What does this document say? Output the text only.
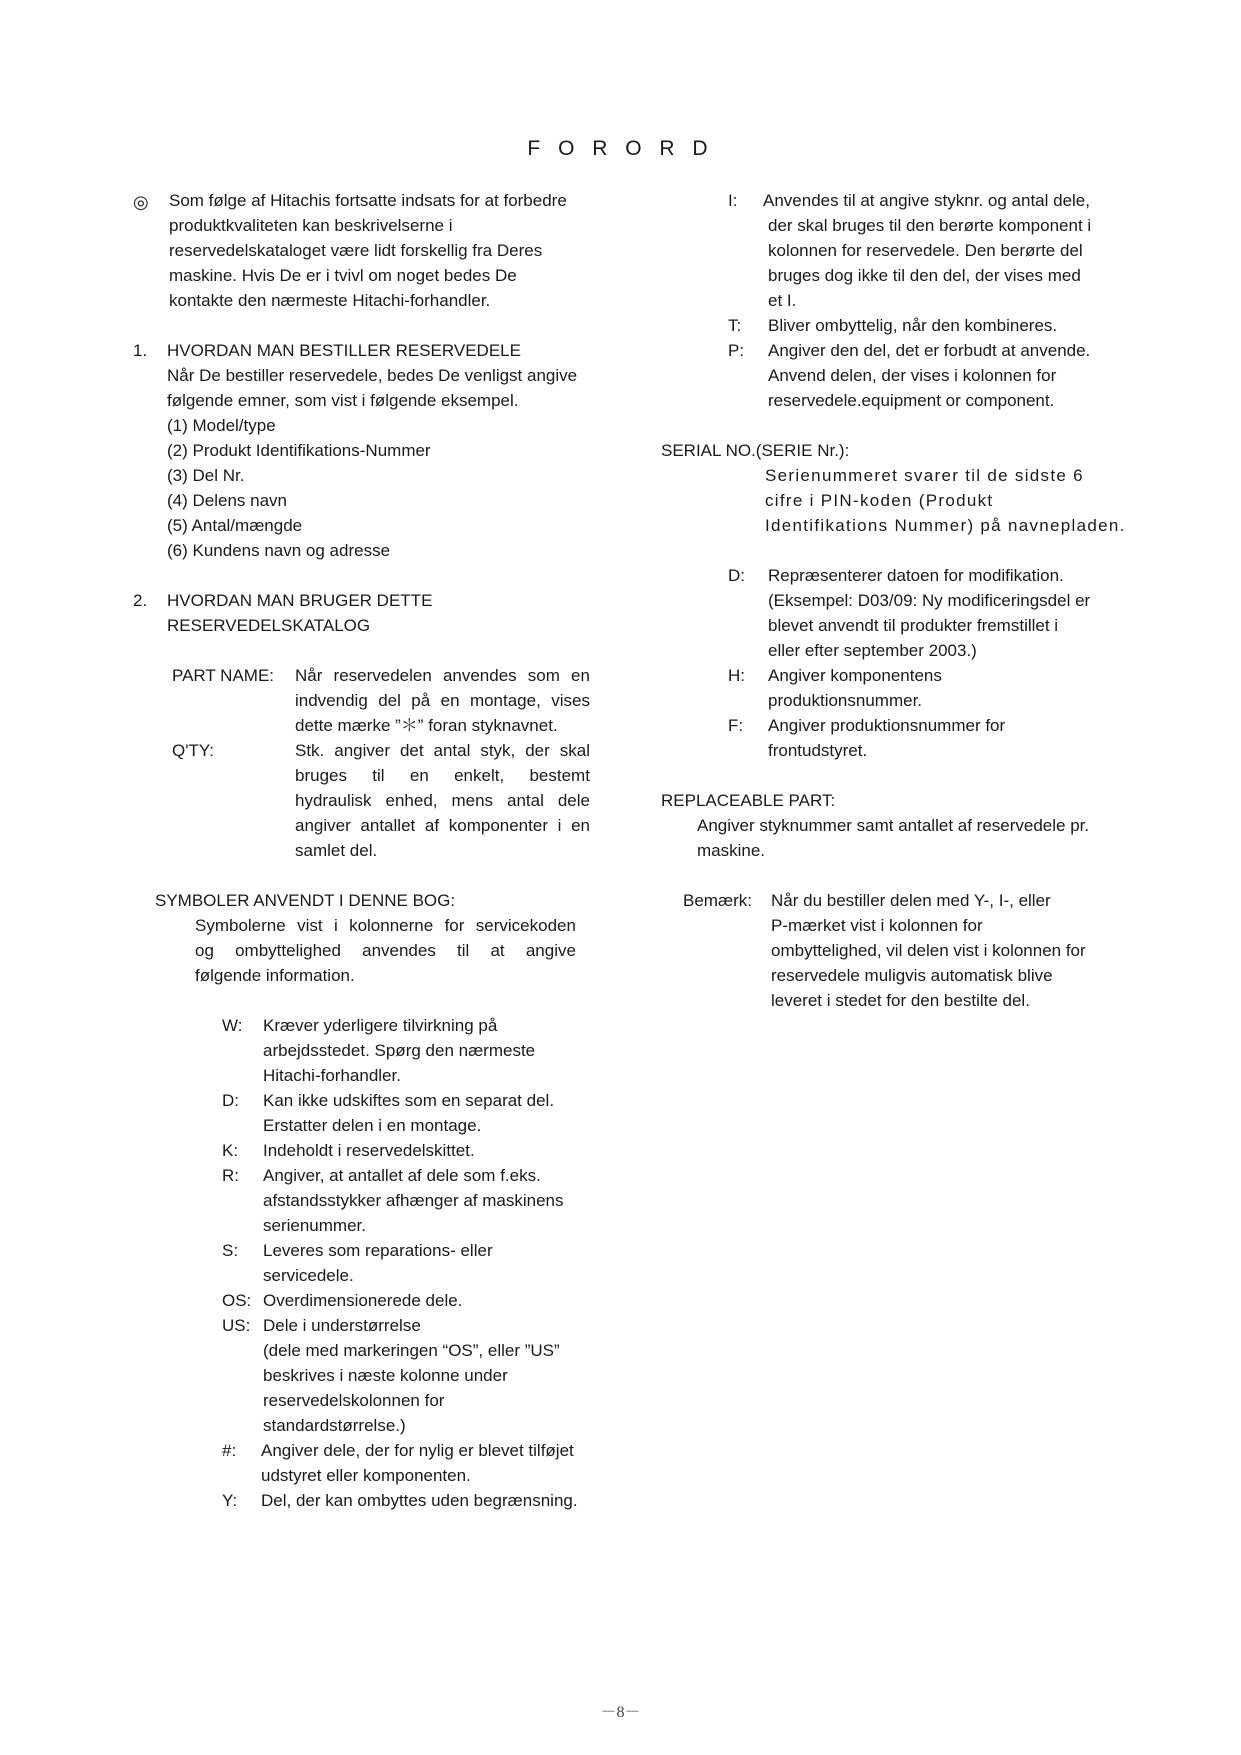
F O R O R D
◎ Som følge af Hitachis fortsatte indsats for at forbedre
produktkvaliteten kan beskrivelserne i
reservedelskataloget være lidt forskellig fra Deres
maskine. Hvis De er i tvivl om noget bedes De
kontakte den nærmeste Hitachi-forhandler.
1. HVORDAN MAN BESTILLER RESERVEDELE
Når De bestiller reservedele, bedes De venligst angive
følgende emner, som vist i følgende eksempel.
(1) Model/type
(2) Produkt Identifikations-Nummer
(3) Del Nr.
(4) Delens navn
(5) Antal/mængde
(6) Kundens navn og adresse
2. HVORDAN MAN BRUGER DETTE
RESERVEDELSKATALOG
PART NAME: Når reservedelen anvendes som en
indvendig del på en montage, vises
dette mærke ”＊” foran styknavnet.
Q'TY:	Stk. angiver det antal styk, der skal
bruges til en enkelt, bestemt
hydraulisk enhed, mens antal dele
angiver antallet af komponenter i en
samlet del.
SYMBOLER ANVENDT I DENNE BOG:
Symbolerne vist i kolonnerne for servicekoden
og ombyttelighed anvendes til at angive
følgende information.
W: Kræver yderligere tilvirkning på
arbejdsstedet. Spørg den nærmeste
Hitachi-forhandler.
D: Kan ikke udskiftes som en separat del.
Erstatter delen i en montage.
K: Indeholdt i reservedelskittet.
R: Angiver, at antallet af dele som f.eks.
afstandsstykker afhænger af maskinens
serienummer.
S: Leveres som reparations- eller
servicedele.
OS: Overdimensionerede dele.
US: Dele i understørrelse
(dele med markeringen “OS”, eller ”US”
beskrives i næste kolonne under
reservedelskolonnen for
standardstørrelse.)
#: Angiver dele, der for nylig er blevet tilføjet
udstyret eller komponenten.
Y: Del, der kan ombyttes uden begrænsning.
I: Anvendes til at angive styknr. og antal dele,
der skal bruges til den berørte komponent i
kolonnen for reservedele. Den berørte del
bruges dog ikke til den del, der vises med
et I.
T: Bliver ombyttelig, når den kombineres.
P: Angiver den del, det er forbudt at anvende.
Anvend delen, der vises i kolonnen for
reservedele.equipment or component.
SERIAL NO.(SERIE Nr.):
Serienummeret svarer til de sidste 6
cifre i PIN-koden (Produkt
Identifikations Nummer) på navnepladen.
D: Repræsenterer datoen for modifikation.
(Eksempel: D03/09: Ny modificeringsdel er
blevet anvendt til produkter fremstillet i
eller efter september 2003.)
H: Angiver komponentens
produktionsnummer.
F: Angiver produktionsnummer for
frontudstyret.
REPLACEABLE PART:
Angiver styknummer samt antallet af reservedele pr.
maskine.
Bemærk: Når du bestiller delen med Y-, I-, eller
P-mærket vist i kolonnen for
ombyttelighed, vil delen vist i kolonnen for
reservedele muligvis automatisk blive
leveret i stedet for den bestilte del.
－8－
